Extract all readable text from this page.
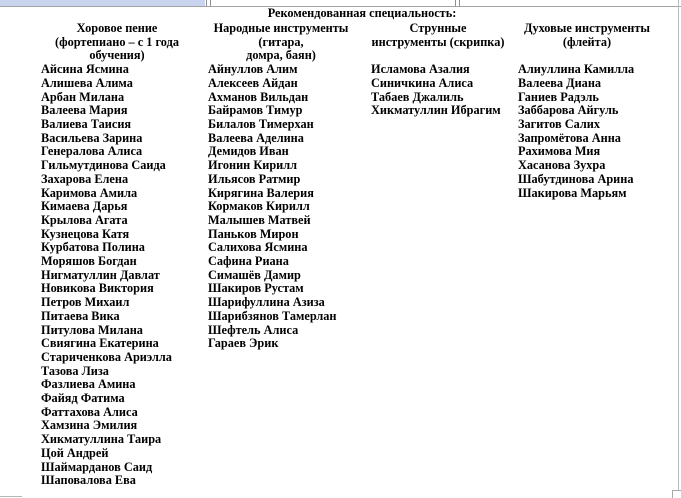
Рекомендованная специальность:
Хоровое пение
(фортепиано – с 1 года
обучения)
Айсина Ясмина
Алишева Алима
Арбан Милана
Валеева Мария
Валиева Таисия
Васильева Зарина
Генералова Алиса
Гильмутдинова Саида
Захарова Елена
Каримова Амила
Кимаева Дарья
Крылова Агата
Кузнецова Катя
Курбатова Полина
Моряшов Богдан
Нигматуллин Давлат
Новикова Виктория
Петров Михаил
Питаева Вика
Питулова Милана
Свиягина Екатерина
Стариченкова Ариэлла
Тазова Лиза
Фазлиева Амина
Файяд Фатима
Фаттахова Алиса
Хамзина Эмилия
Хикматуллина Таира
Цой Андрей
Шаймарданов Саид
Шаповалова Ева
Народные инструменты
(гитара,
домра, баян)
Айнуллов Алим
Алексеев Айдан
Ахманов Вильдан
Байрамов Тимур
Билалов Тимерхан
Валеева Аделина
Демидов Иван
Игонин Кирилл
Ильясов Ратмир
Кирягина Валерия
Кормаков Кирилл
Малышев Матвей
Паньков Мирон
Салихова Ясмина
Сафина Риана
Симашёв Дамир
Шакиров Рустам
Шарифуллина Азиза
Шарибзянов Тамерлан
Шефтель Алиса
Гараев Эрик
Струнные
инструменты (скрипка)
Исламова Азалия
Синичкина Алиса
Табаев Джалиль
Хикматуллин Ибрагим
Духовые инструменты
(флейта)
Алиуллина Камилла
Валеева Диана
Ганиев Радэль
Заббарова Айгуль
Загитов Салих
Запромётова Анна
Рахимова Мия
Хасанова Зухра
Шабутдинова Арина
Шакирова Марьям
